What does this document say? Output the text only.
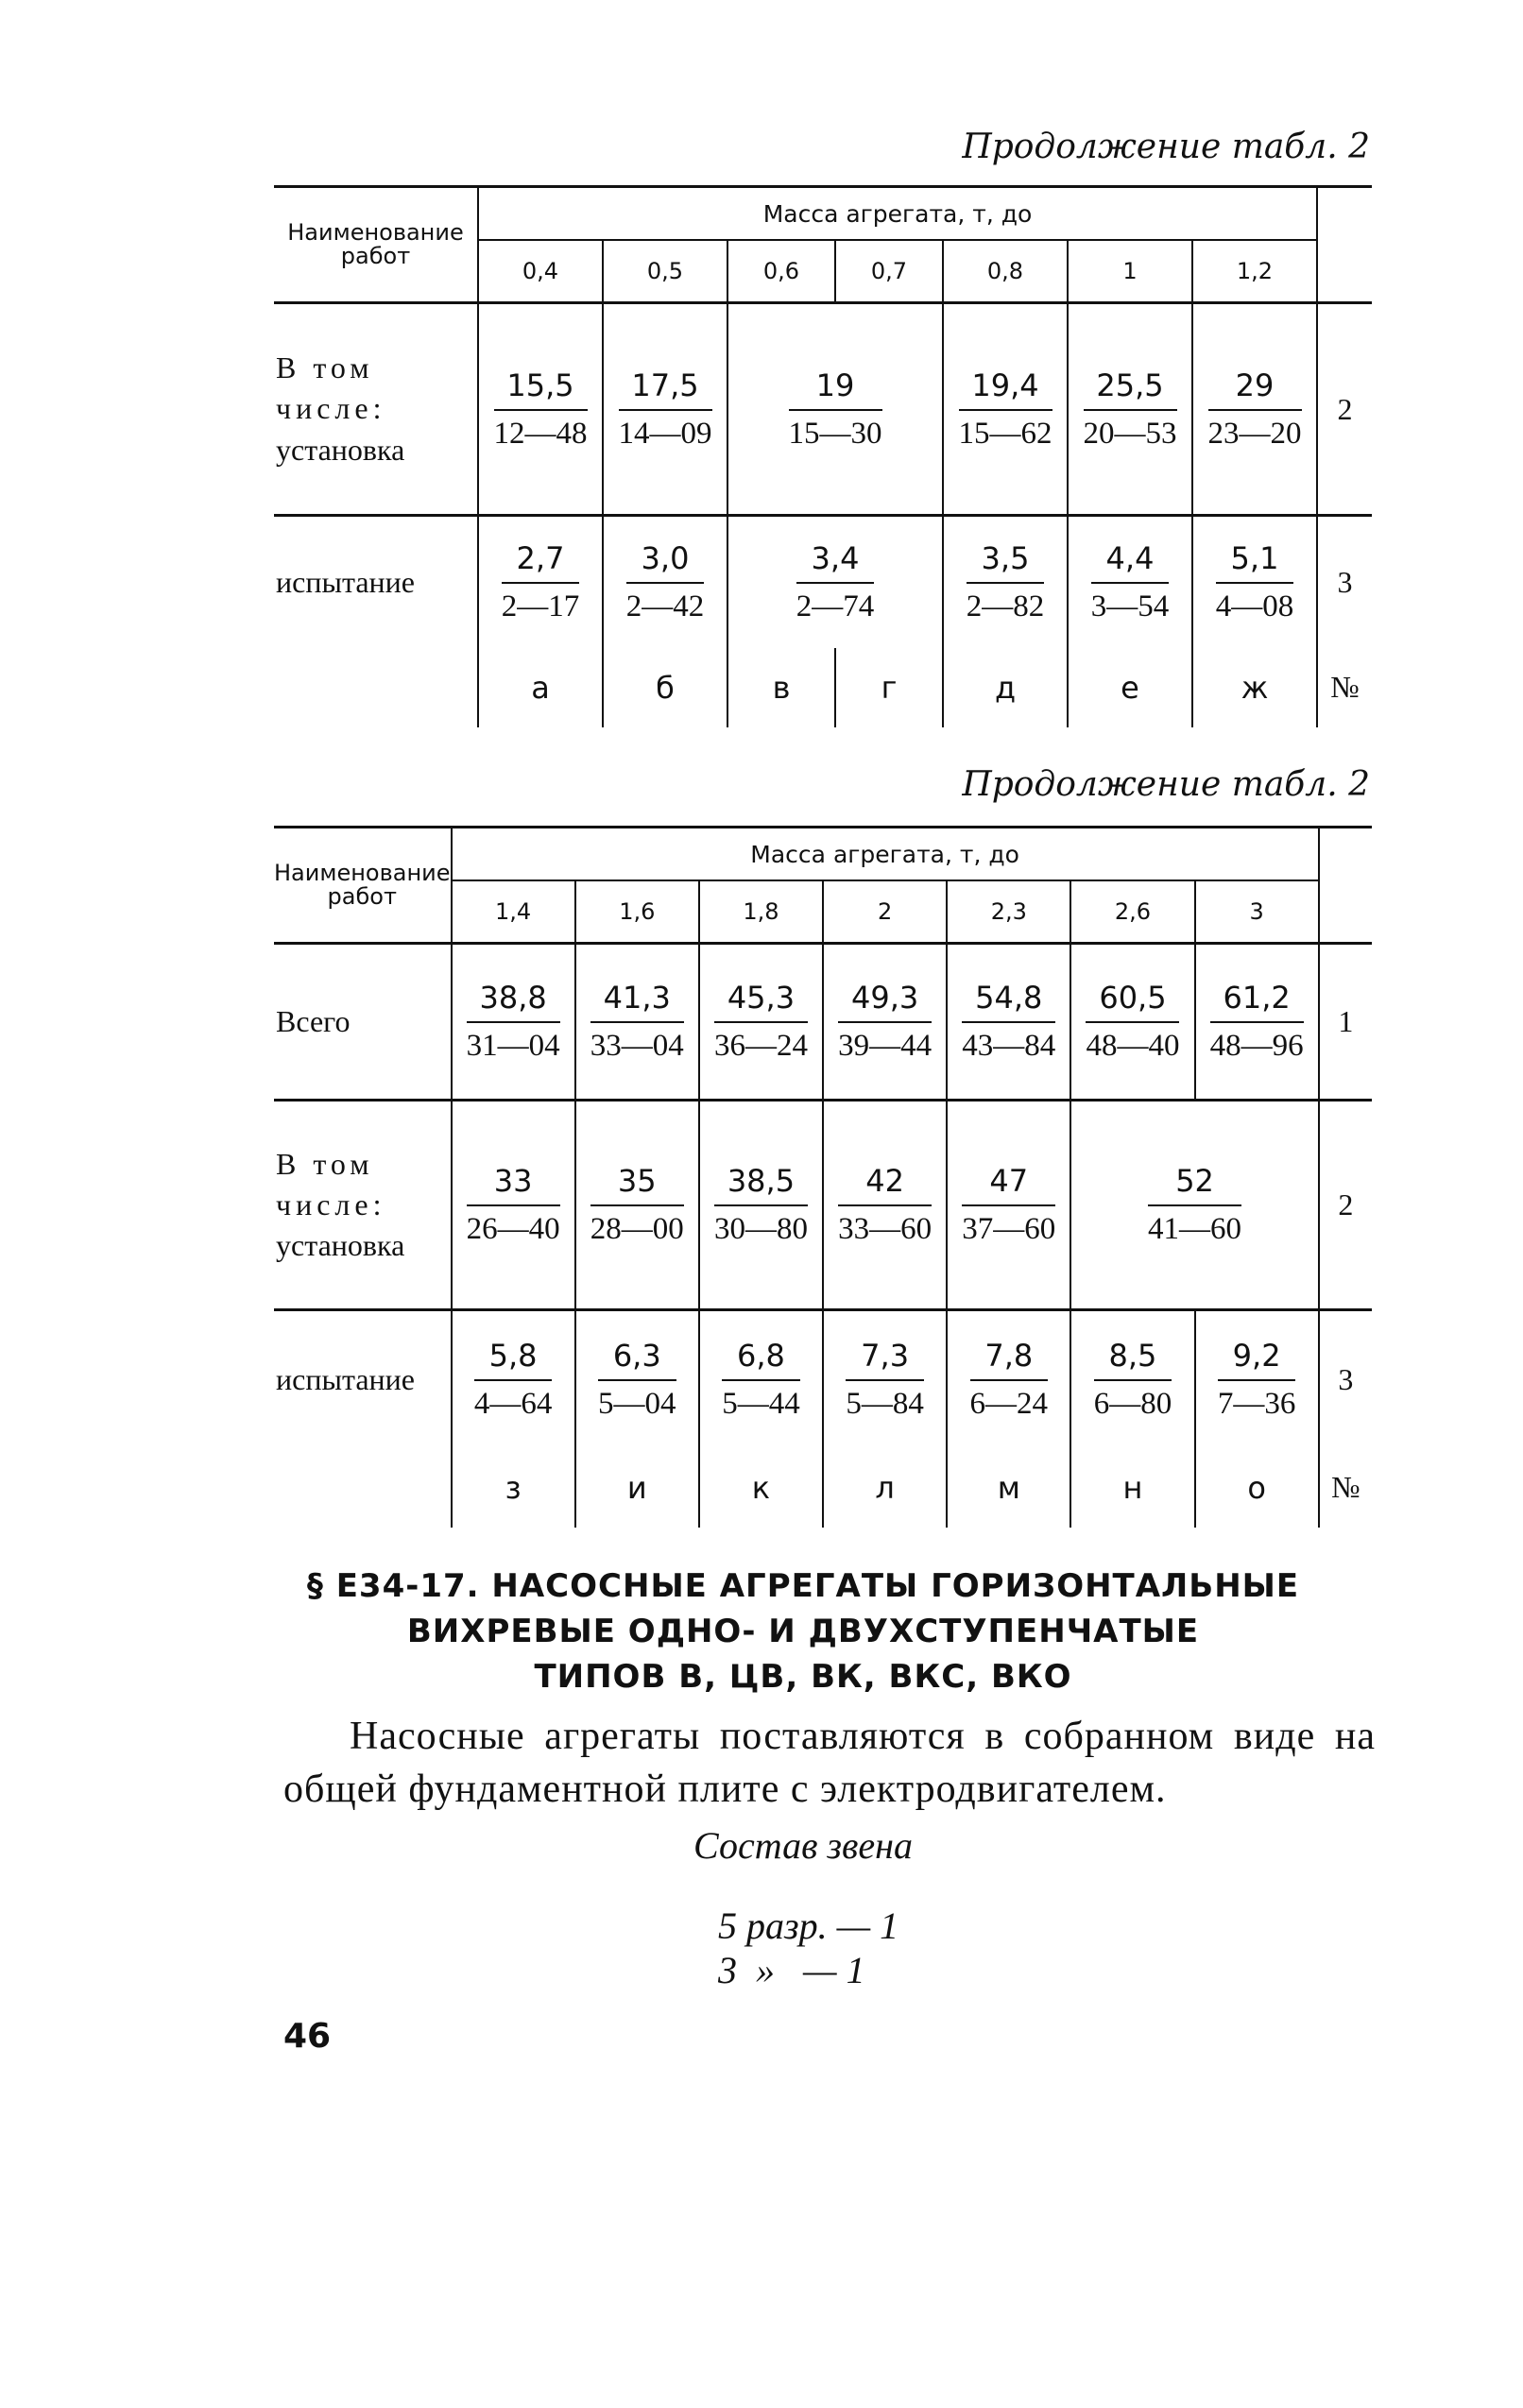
Продолжение табл. 2
Наименование работ	Масса агрегата, т, до							
	0,4	0,5	0,6	0,7	0,8	1	1,2	
В том
числе:
установка	$\frac{15,5}{12—48}$	$\frac{17,5}{14—09}$	$\frac{19}{15—30}$		$\frac{19,4}{15—62}$	$\frac{25,5}{20—53}$	$\frac{29}{23—20}$	2
испытание	$\frac{2,7}{2—17}$	$\frac{3,0}{2—42}$	$\frac{3,4}{2—74}$		$\frac{3,5}{2—82}$	$\frac{4,4}{3—54}$	$\frac{5,1}{4—08}$	3
	а	б	в	г	д	е	ж	№
Продолжение табл. 2
Наименование работ	Масса агрегата, т, до							
	1,4	1,6	1,8	2	2,3	2,6	3	
Всего	$\frac{38,8}{31—04}$	$\frac{41,3}{33—04}$	$\frac{45,3}{36—24}$	$\frac{49,3}{39—44}$	$\frac{54,8}{43—84}$	$\frac{60,5}{48—40}$	$\frac{61,2}{48—96}$	1
В том
числе:
установка	$\frac{33}{26—40}$	$\frac{35}{28—00}$	$\frac{38,5}{30—80}$	$\frac{42}{33—60}$	$\frac{47}{37—60}$	$\frac{52}{41—60}$		2
испытание	$\frac{5,8}{4—64}$	$\frac{6,3}{5—04}$	$\frac{6,8}{5—44}$	$\frac{7,3}{5—84}$	$\frac{7,8}{6—24}$	$\frac{8,5}{6—80}$	$\frac{9,2}{7—36}$	3
	з	и	к	л	м	н	о	№
§ Е34-17. НАСОСНЫЕ АГРЕГАТЫ ГОРИЗОНТАЛЬНЫЕ
ВИХРЕВЫЕ ОДНО- И ДВУХСТУПЕНЧАТЫЕ
ТИПОВ В, ЦВ, ВК, ВКС, ВКО
Насосные агрегаты поставляются в собранном виде на общей фундаментной плите с электродвигателем.
Состав звена
5 разр. — 1
3  »   — 1
46
